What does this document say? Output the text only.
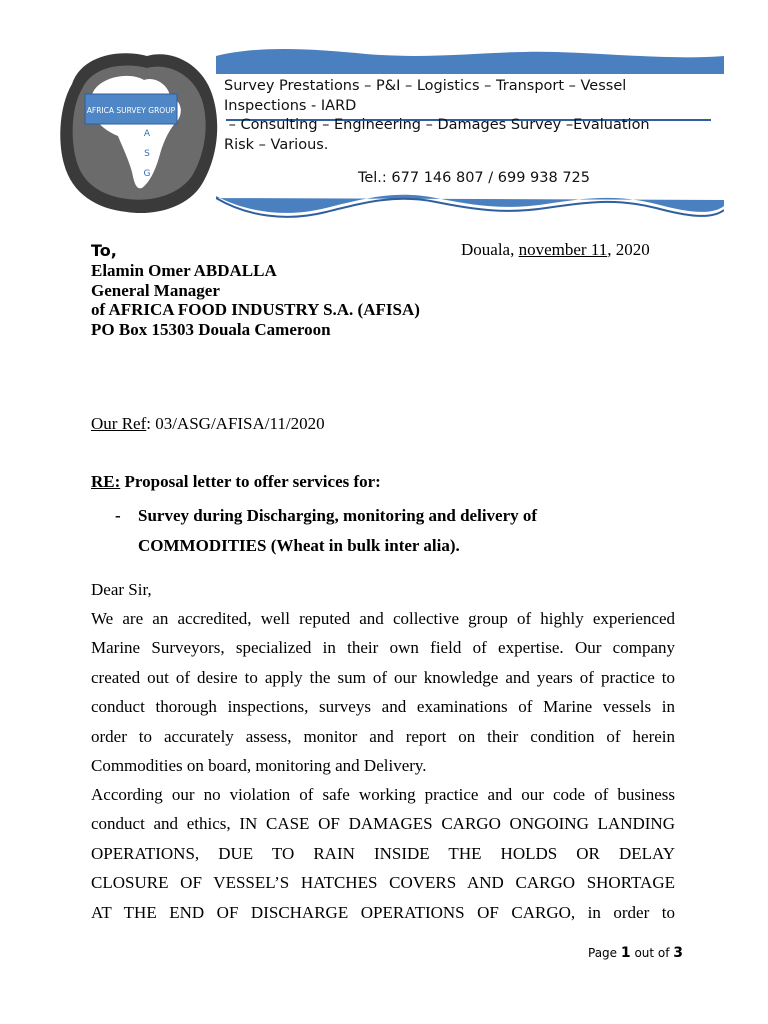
AFRICA SURVEY GROUP
A
S
G
Survey Prestations – P&I – Logistics – Transport – Vessel
Inspections - IARD
– Consulting – Engineering – Damages Survey –Evaluation
Risk – Various.
Tel.: 677 146 807 / 699 938 725
To,
Elamin Omer ABDALLA
General Manager
of AFRICA FOOD INDUSTRY S.A. (AFISA)
PO Box 15303 Douala Cameroon
Douala, november 11, 2020
Our Ref: 03/ASG/AFISA/11/2020
RE: Proposal letter to offer services for:
- Survey during Discharging, monitoring and delivery of
COMMODITIES (Wheat in bulk inter alia).
Dear Sir,
We are an accredited, well reputed and collective group of highly experienced
Marine Surveyors, specialized in their own field of expertise. Our company
created out of desire to apply the sum of our knowledge and years of practice to
conduct thorough inspections, surveys and examinations of Marine vessels in
order to accurately assess, monitor and report on their condition of herein
Commodities on board, monitoring and Delivery.
According our no violation of safe working practice and our code of business
conduct and ethics, IN CASE OF DAMAGES CARGO ONGOING LANDING
OPERATIONS, DUE TO RAIN INSIDE THE HOLDS OR DELAY
CLOSURE OF VESSEL’S HATCHES COVERS AND CARGO SHORTAGE
AT THE END OF DISCHARGE OPERATIONS OF CARGO, in order to
Page 1 out of 3
